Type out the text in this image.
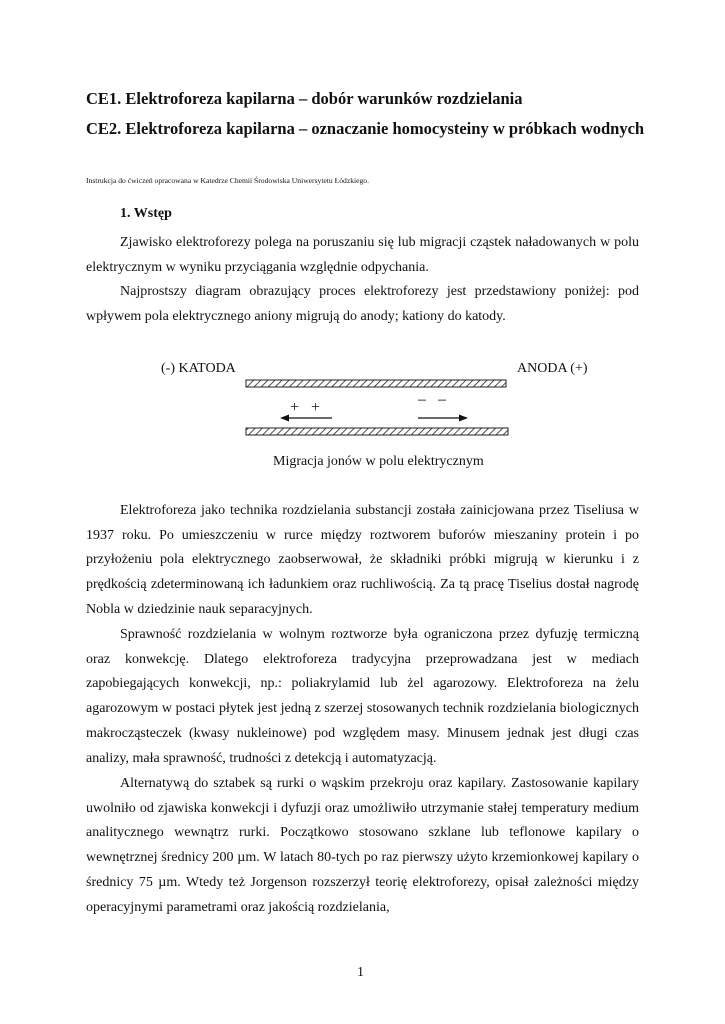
CE1. Elektroforeza kapilarna – dobór warunków rozdzielania
CE2. Elektroforeza kapilarna – oznaczanie homocysteiny w próbkach wodnych

Instrukcja do ćwiczeń opracowana w Katedrze Chemii Środowiska Uniwersytetu Łódzkiego.

1. Wstęp

Zjawisko elektroforezy polega na poruszaniu się lub migracji cząstek naładowanych w polu elektrycznym w wyniku przyciągania względnie odpychania.

Najprostszy diagram obrazujący proces elektroforezy jest przedstawiony poniżej: pod wpływem pola elektrycznego aniony migrują do anody; kationy do katody.

(-) KATODA	ANODA (+)
+   +	–   –

Migracja jonów w polu elektrycznym

Elektroforeza jako technika rozdzielania substancji została zainicjowana przez Tiseliusa w 1937 roku. Po umieszczeniu w rurce między roztworem buforów mieszaniny protein i po przyłożeniu pola elektrycznego zaobserwował, że składniki próbki migrują w kierunku i z prędkością zdeterminowaną ich ładunkiem oraz ruchliwością. Za tą pracę Tiselius dostał nagrodę Nobla w dziedzinie nauk separacyjnych.

Sprawność rozdzielania w wolnym roztworze była ograniczona przez dyfuzję termiczną oraz konwekcję. Dlatego elektroforeza tradycyjna przeprowadzana jest w mediach zapobiegających konwekcji, np.: poliakrylamid lub żel agarozowy. Elektroforeza na żelu agarozowym w postaci płytek jest jedną z szerzej stosowanych technik rozdzielania biologicznych makrocząsteczek (kwasy nukleinowe) pod względem masy. Minusem jednak jest długi czas analizy, mała sprawność, trudności z detekcją i automatyzacją.

Alternatywą do sztabek są rurki o wąskim przekroju oraz kapilary. Zastosowanie kapilary uwolniło od zjawiska konwekcji i dyfuzji oraz umożliwiło utrzymanie stałej temperatury medium analitycznego wewnątrz rurki. Początkowo stosowano szklane lub teflonowe kapilary o wewnętrznej średnicy 200 µm. W latach 80-tych po raz pierwszy użyto krzemionkowej kapilary o średnicy 75 µm. Wtedy też Jorgenson rozszerzył teorię elektroforezy, opisał zależności między operacyjnymi parametrami oraz jakością rozdzielania,

1
